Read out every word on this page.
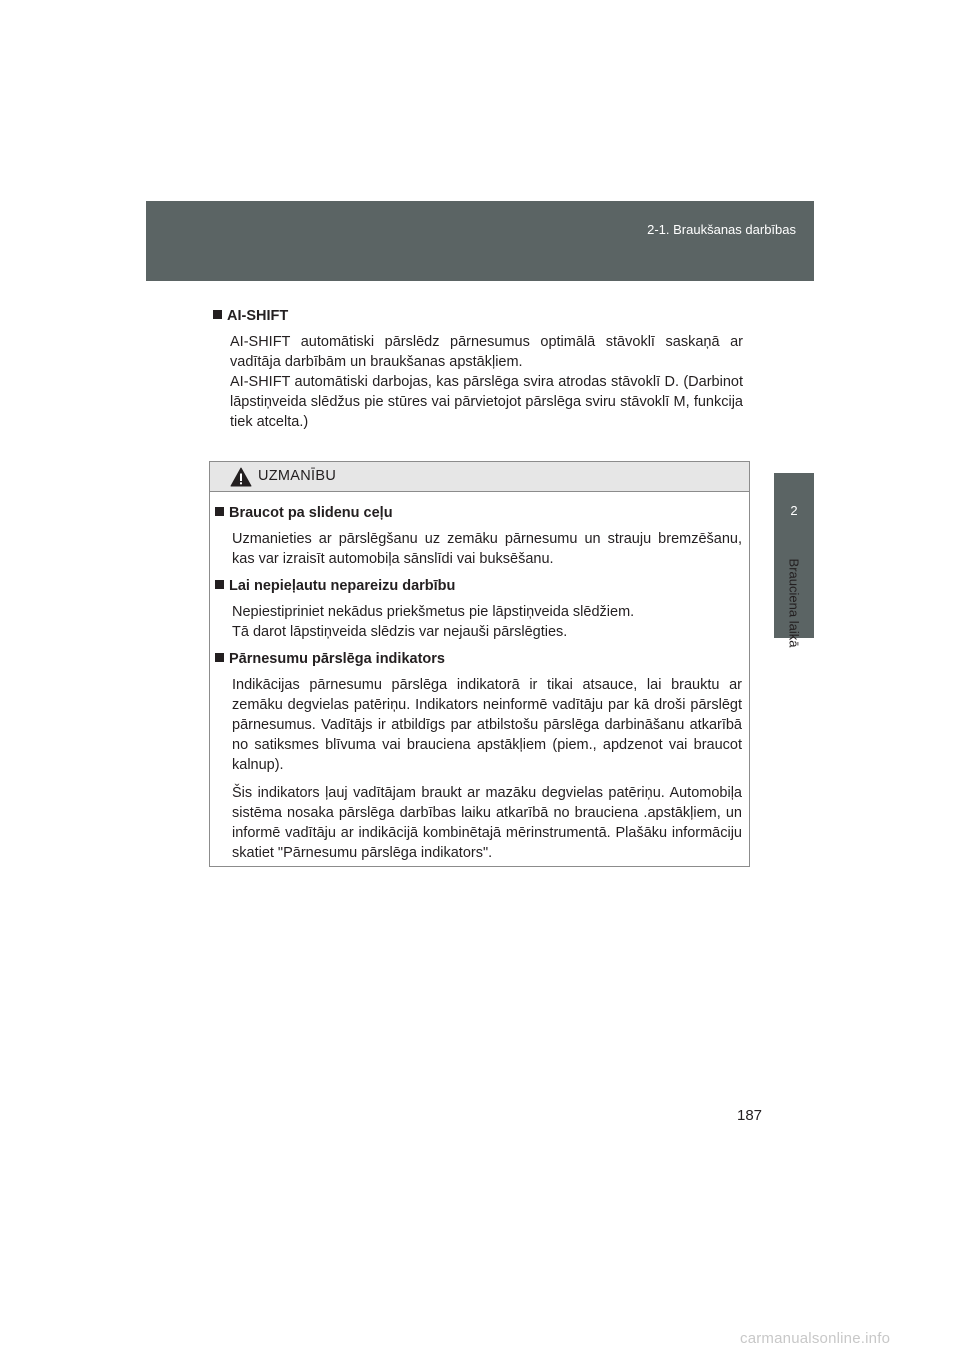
2-1. Braukšanas darbības
2
Brauciena laikā
AI-SHIFT

AI-SHIFT automātiski pārslēdz pārnesumus optimālā stāvoklī saskaņā ar vadītāja darbībām un braukšanas apstākļiem.

AI-SHIFT automātiski darbojas, kas pārslēga svira atrodas stāvoklī D. (Darbinot lāpstiņveida slēdžus pie stūres vai pārvietojot pārslēga sviru stāvoklī M, funkcija tiek atcelta.)

UZMANĪBU
Braucot pa slidenu ceļu

Uzmanieties ar pārslēgšanu uz zemāku pārnesumu un strauju bremzēšanu, kas var izraisīt automobiļa sānslīdi vai buksēšanu.

Lai nepieļautu nepareizu darbību

Nepiestipriniet nekādus priekšmetus pie lāpstiņveida slēdžiem.
Tā darot lāpstiņveida slēdzis var nejauši pārslēgties.

Pārnesumu pārslēga indikators

Indikācijas pārnesumu pārslēga indikatorā ir tikai atsauce, lai brauktu ar zemāku degvielas patēriņu. Indikators neinformē vadītāju par kā droši pārslēgt pārnesumus. Vadītājs ir atbildīgs par atbilstošu pārslēga darbināšanu atkarībā no satiksmes blīvuma vai brauciena apstākļiem (piem., apdzenot vai braucot kalnup).

Šis indikators ļauj vadītājam braukt ar mazāku degvielas patēriņu. Automobiļa sistēma nosaka pārslēga darbības laiku atkarībā no brauciena .apstākļiem, un informē vadītāju ar indikācijā kombinētajā mērinstrumentā. Plašāku informāciju skatiet "Pārnesumu pārslēga indikators".

187
carmanualsonline.info
